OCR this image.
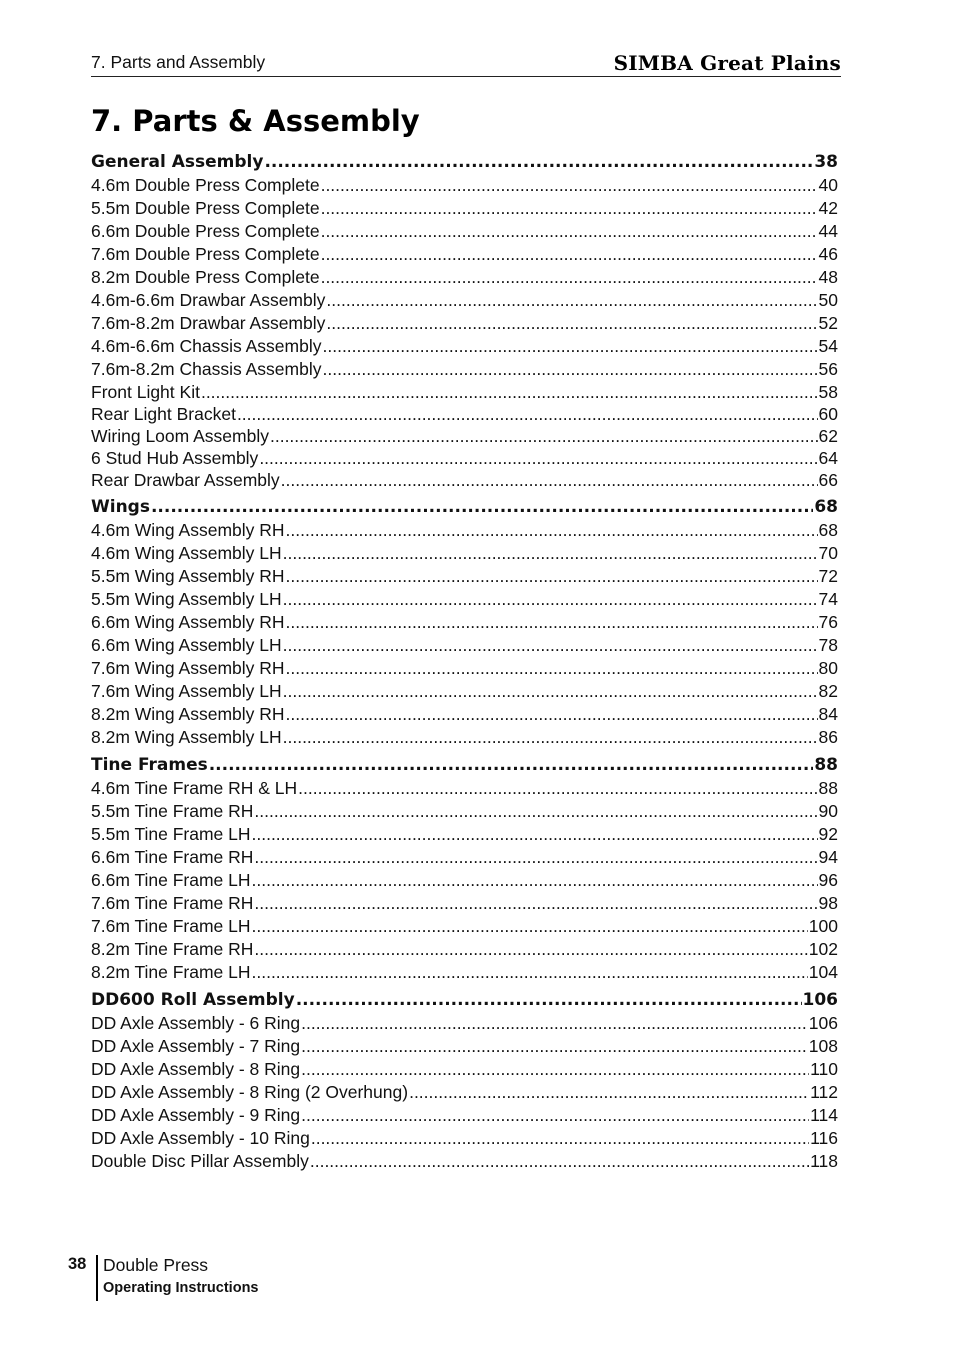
7. Parts and Assembly	SIMBA Great Plains
7. Parts & Assembly
General Assembly .....	38
4.6m Double Press Complete .....	40
5.5m Double Press Complete .....	42
6.6m Double Press Complete .....	44
7.6m Double Press Complete .....	46
8.2m Double Press Complete .....	48
4.6m-6.6m Drawbar Assembly .....	50
7.6m-8.2m Drawbar Assembly .....	52
4.6m-6.6m Chassis Assembly .....	54
7.6m-8.2m Chassis Assembly .....	56
Front Light Kit .....	58
Rear Light Bracket .....	60
Wiring Loom Assembly .....	62
6 Stud Hub Assembly .....	64
Rear Drawbar Assembly .....	66
Wings .....	68
4.6m Wing Assembly RH .....	68
4.6m Wing Assembly LH .....	70
5.5m Wing Assembly RH .....	72
5.5m Wing Assembly LH .....	74
6.6m Wing Assembly RH .....	76
6.6m Wing Assembly LH .....	78
7.6m Wing Assembly RH .....	80
7.6m Wing Assembly LH .....	82
8.2m Wing Assembly RH .....	84
8.2m Wing Assembly LH .....	86
Tine Frames .....	88
4.6m Tine Frame RH & LH .....	88
5.5m Tine Frame RH .....	90
5.5m Tine Frame LH .....	92
6.6m Tine Frame RH .....	94
6.6m Tine Frame LH .....	96
7.6m Tine Frame RH .....	98
7.6m Tine Frame LH .....	100
8.2m Tine Frame RH .....	102
8.2m Tine Frame LH .....	104
DD600 Roll Assembly .....	106
DD Axle Assembly - 6 Ring .....	106
DD Axle Assembly - 7 Ring .....	108
DD Axle Assembly - 8 Ring .....	110
DD Axle Assembly - 8 Ring (2 Overhung) .....	112
DD Axle Assembly - 9 Ring .....	114
DD Axle Assembly - 10 Ring .....	116
Double Disc Pillar Assembly .....	118
38 Double Press
Operating Instructions
